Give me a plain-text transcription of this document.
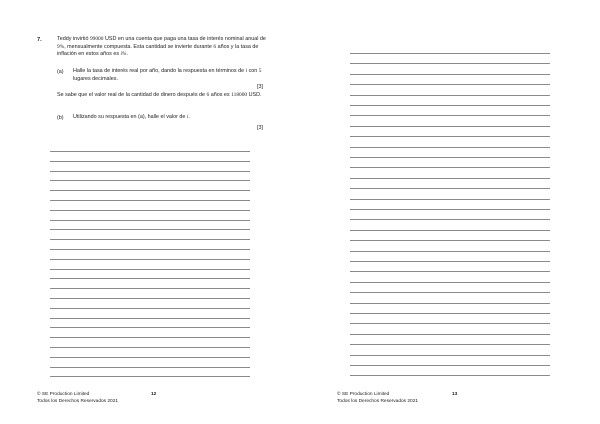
7.	Teddy invirtió 99000 USD en una cuenta que paga una tasa de interés nominal anual de 9%, mensualmente compuesta. Esta cantidad se invierte durante 6 años y la tasa de inflación en estos años es i%.
(a) Halle la tasa de interés real por año, dando la respuesta en términos de i con 5 lugares decimales.
[3]
Se sabe que el valor real de la cantidad de dinero después de 6 años es 118000 USD.
(b) Utilizando su respuesta en (a), halle el valor de i.
[3]
© SE Production Limited
Todos los Derechos Reservados 2021
12	© SE Production Limited
Todos los Derechos Reservados 2021
13
